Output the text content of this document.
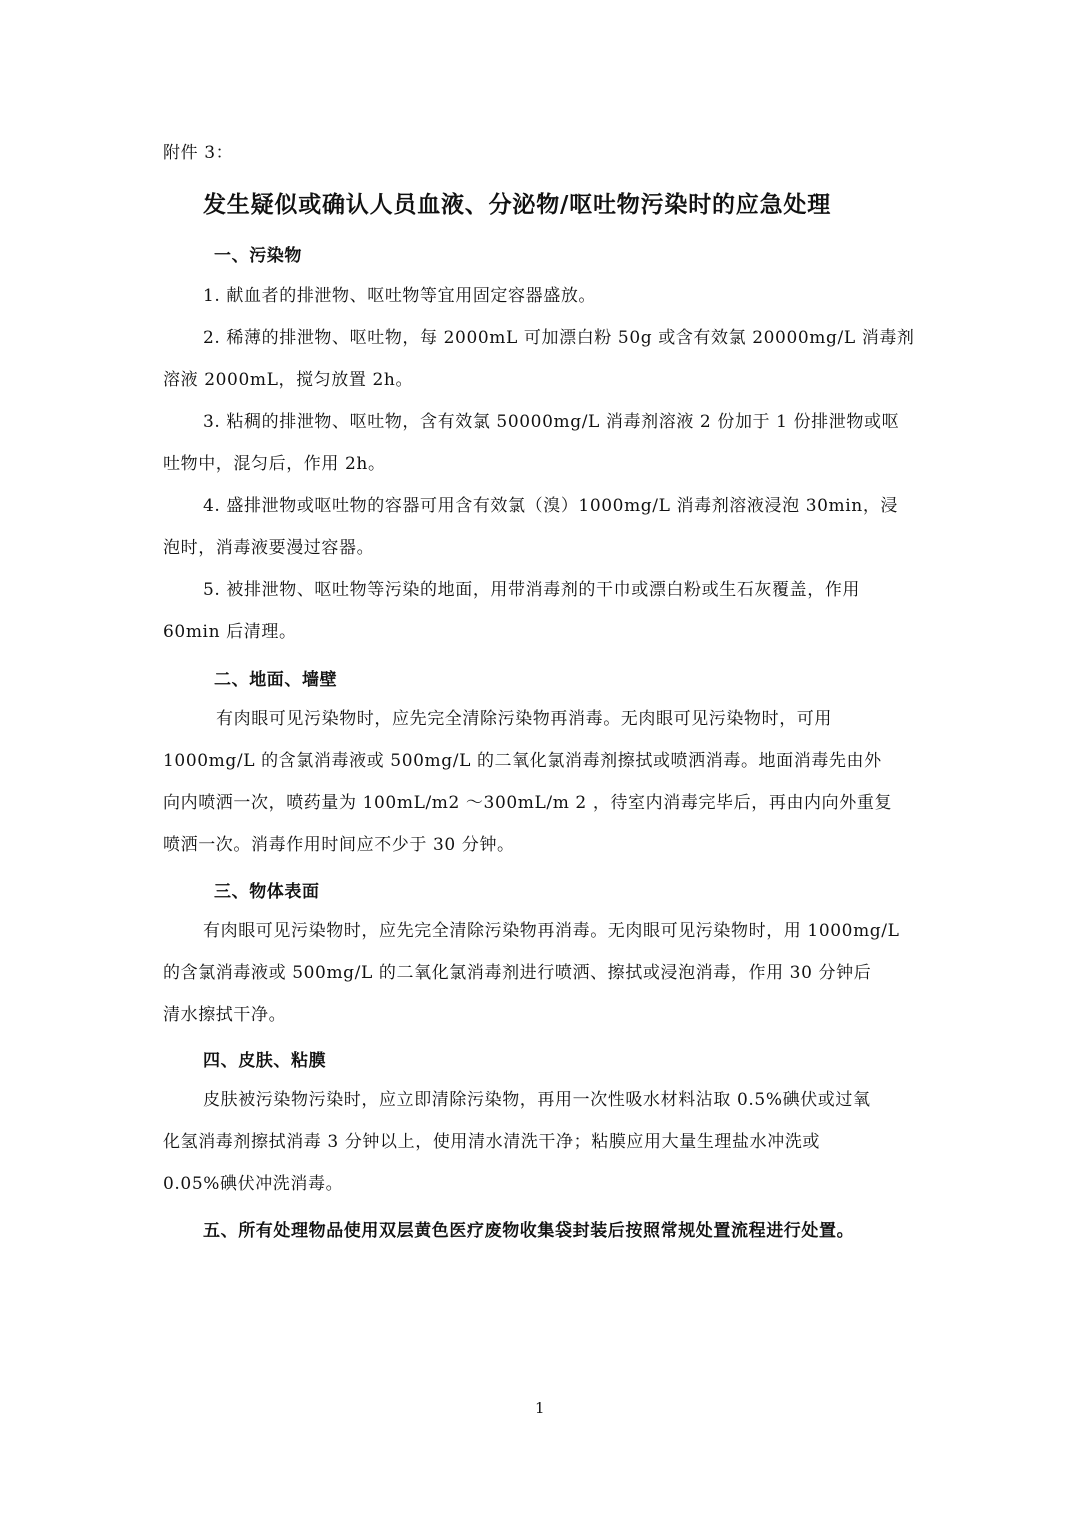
附件 3：
发生疑似或确认人员血液、分泌物/呕吐物污染时的应急处理
一、污染物
1. 献血者的排泄物、呕吐物等宜用固定容器盛放。
2. 稀薄的排泄物、呕吐物，每 2000mL 可加漂白粉 50g 或含有效氯 20000mg/L 消毒剂
溶液 2000mL，搅匀放置 2h。
3. 粘稠的排泄物、呕吐物，含有效氯 50000mg/L 消毒剂溶液 2 份加于 1 份排泄物或呕
吐物中，混匀后，作用 2h。
4. 盛排泄物或呕吐物的容器可用含有效氯（溴）1000mg/L 消毒剂溶液浸泡 30min，浸
泡时，消毒液要漫过容器。
5. 被排泄物、呕吐物等污染的地面，用带消毒剂的干巾或漂白粉或生石灰覆盖，作用
60min 后清理。
二、地面、墙壁
有肉眼可见污染物时，应先完全清除污染物再消毒。无肉眼可见污染物时，可用
1000mg/L 的含氯消毒液或 500mg/L 的二氧化氯消毒剂擦拭或喷洒消毒。地面消毒先由外
向内喷洒一次，喷药量为 100mL/m2 ～300mL/m 2 ，待室内消毒完毕后，再由内向外重复
喷洒一次。消毒作用时间应不少于 30 分钟。
三、物体表面
有肉眼可见污染物时，应先完全清除污染物再消毒。无肉眼可见污染物时，用 1000mg/L
的含氯消毒液或 500mg/L 的二氧化氯消毒剂进行喷洒、擦拭或浸泡消毒，作用 30 分钟后
清水擦拭干净。
四、皮肤、粘膜
皮肤被污染物污染时，应立即清除污染物，再用一次性吸水材料沾取 0.5%碘伏或过氧
化氢消毒剂擦拭消毒 3 分钟以上，使用清水清洗干净；粘膜应用大量生理盐水冲洗或
0.05%碘伏冲洗消毒。
五、所有处理物品使用双层黄色医疗废物收集袋封装后按照常规处置流程进行处置。
1
